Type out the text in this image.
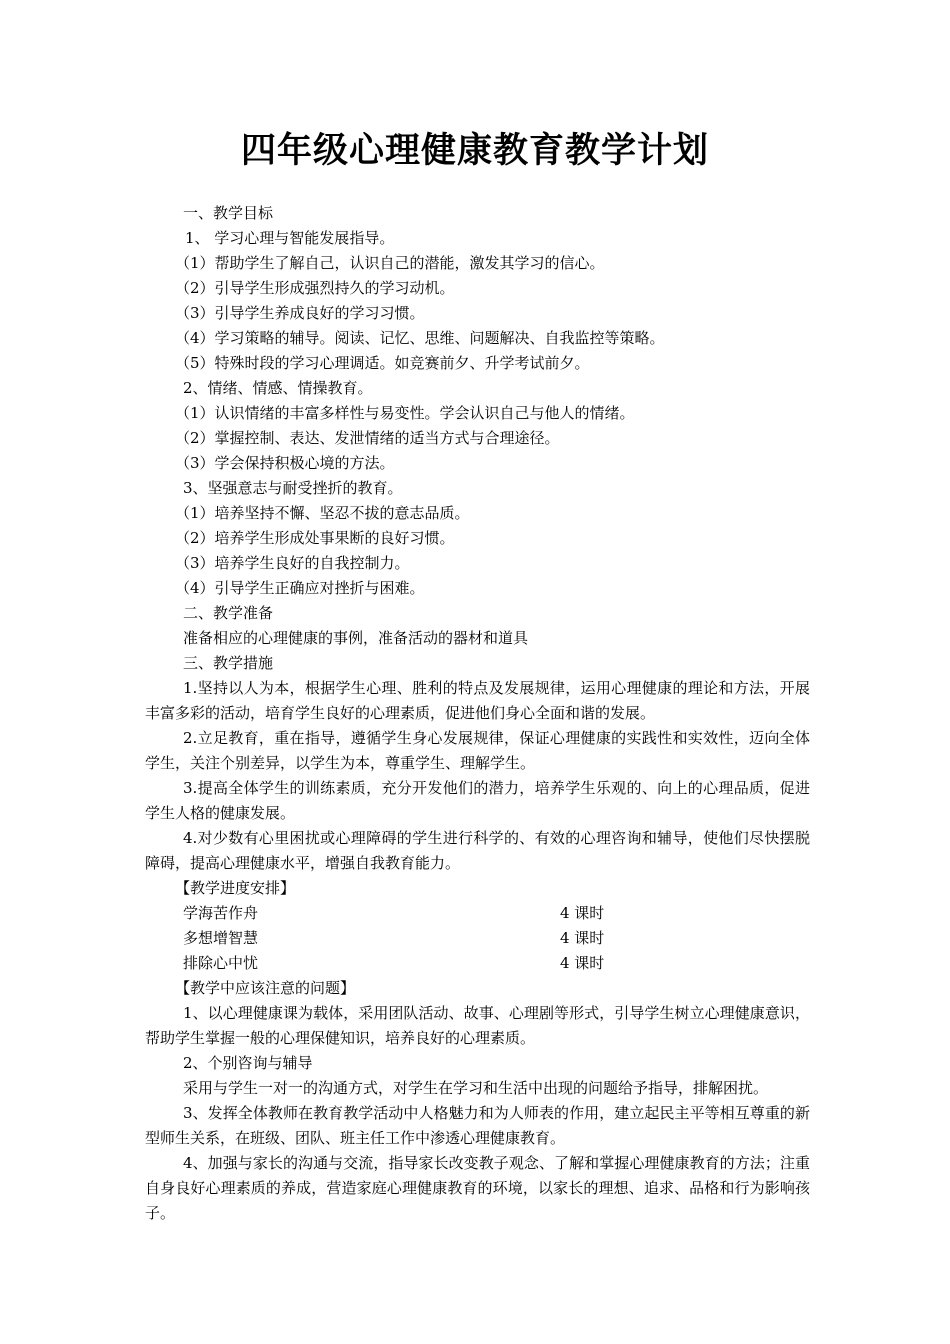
四年级心理健康教育教学计划
一、教学目标
1、 学习心理与智能发展指导。
（1）帮助学生了解自己，认识自己的潜能，激发其学习的信心。
（2）引导学生形成强烈持久的学习动机。
（3）引导学生养成良好的学习习惯。
（4）学习策略的辅导。阅读、记忆、思维、问题解决、自我监控等策略。
（5）特殊时段的学习心理调适。如竞赛前夕、升学考试前夕。
2、情绪、情感、情操教育。
（1）认识情绪的丰富多样性与易变性。学会认识自己与他人的情绪。
（2）掌握控制、表达、发泄情绪的适当方式与合理途径。
（3）学会保持积极心境的方法。
3、坚强意志与耐受挫折的教育。
（1）培养坚持不懈、坚忍不拔的意志品质。
（2）培养学生形成处事果断的良好习惯。
（3）培养学生良好的自我控制力。
（4）引导学生正确应对挫折与困难。
二、教学准备
准备相应的心理健康的事例，准备活动的器材和道具
三、教学措施
1.坚持以人为本，根据学生心理、胜利的特点及发展规律，运用心理健康的理论和方法，开展丰富多彩的活动，培育学生良好的心理素质，促进他们身心全面和谐的发展。
2.立足教育，重在指导，遵循学生身心发展规律，保证心理健康的实践性和实效性，迈向全体学生，关注个别差异，以学生为本，尊重学生、理解学生。
3.提高全体学生的训练素质，充分开发他们的潜力，培养学生乐观的、向上的心理品质，促进学生人格的健康发展。
4.对少数有心里困扰或心理障碍的学生进行科学的、有效的心理咨询和辅导，使他们尽快摆脱障碍，提高心理健康水平，增强自我教育能力。
【教学进度安排】
学海苦作舟	4 课时
多想增智慧	4 课时
排除心中忧	4 课时
【教学中应该注意的问题】
1、以心理健康课为载体，采用团队活动、故事、心理剧等形式，引导学生树立心理健康意识，帮助学生掌握一般的心理保健知识，培养良好的心理素质。
2、个别咨询与辅导
采用与学生一对一的沟通方式，对学生在学习和生活中出现的问题给予指导，排解困扰。
3、发挥全体教师在教育教学活动中人格魅力和为人师表的作用，建立起民主平等相互尊重的新型师生关系，在班级、团队、班主任工作中渗透心理健康教育。
4、加强与家长的沟通与交流，指导家长改变教子观念、了解和掌握心理健康教育的方法；注重自身良好心理素质的养成，营造家庭心理健康教育的环境，以家长的理想、追求、品格和行为影响孩子。
